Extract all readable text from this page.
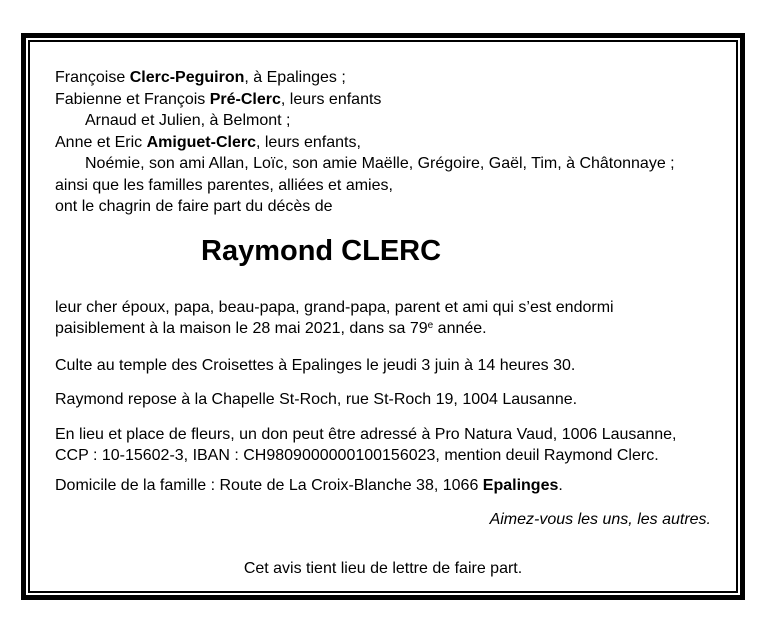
Françoise Clerc-Peguiron, à Epalinges ;
Fabienne et François Pré-Clerc, leurs enfants
Arnaud et Julien, à Belmont ;
Anne et Eric Amiguet-Clerc, leurs enfants,
Noémie, son ami Allan, Loïc, son amie Maëlle, Grégoire, Gaël, Tim, à Châtonnaye ;
ainsi que les familles parentes, alliées et amies,
ont le chagrin de faire part du décès de
Raymond CLERC
leur cher époux, papa, beau-papa, grand-papa, parent et ami qui s’est endormi
paisiblement à la maison le 28 mai 2021, dans sa 79e année.
Culte au temple des Croisettes à Epalinges le jeudi 3 juin à 14 heures 30.
Raymond repose à la Chapelle St-Roch, rue St-Roch 19, 1004 Lausanne.
En lieu et place de fleurs, un don peut être adressé à Pro Natura Vaud, 1006 Lausanne,
CCP : 10-15602-3, IBAN : CH9809000000100156023, mention deuil Raymond Clerc.
Domicile de la famille : Route de La Croix-Blanche 38, 1066 Epalinges.
Aimez-vous les uns, les autres.
Cet avis tient lieu de lettre de faire part.
